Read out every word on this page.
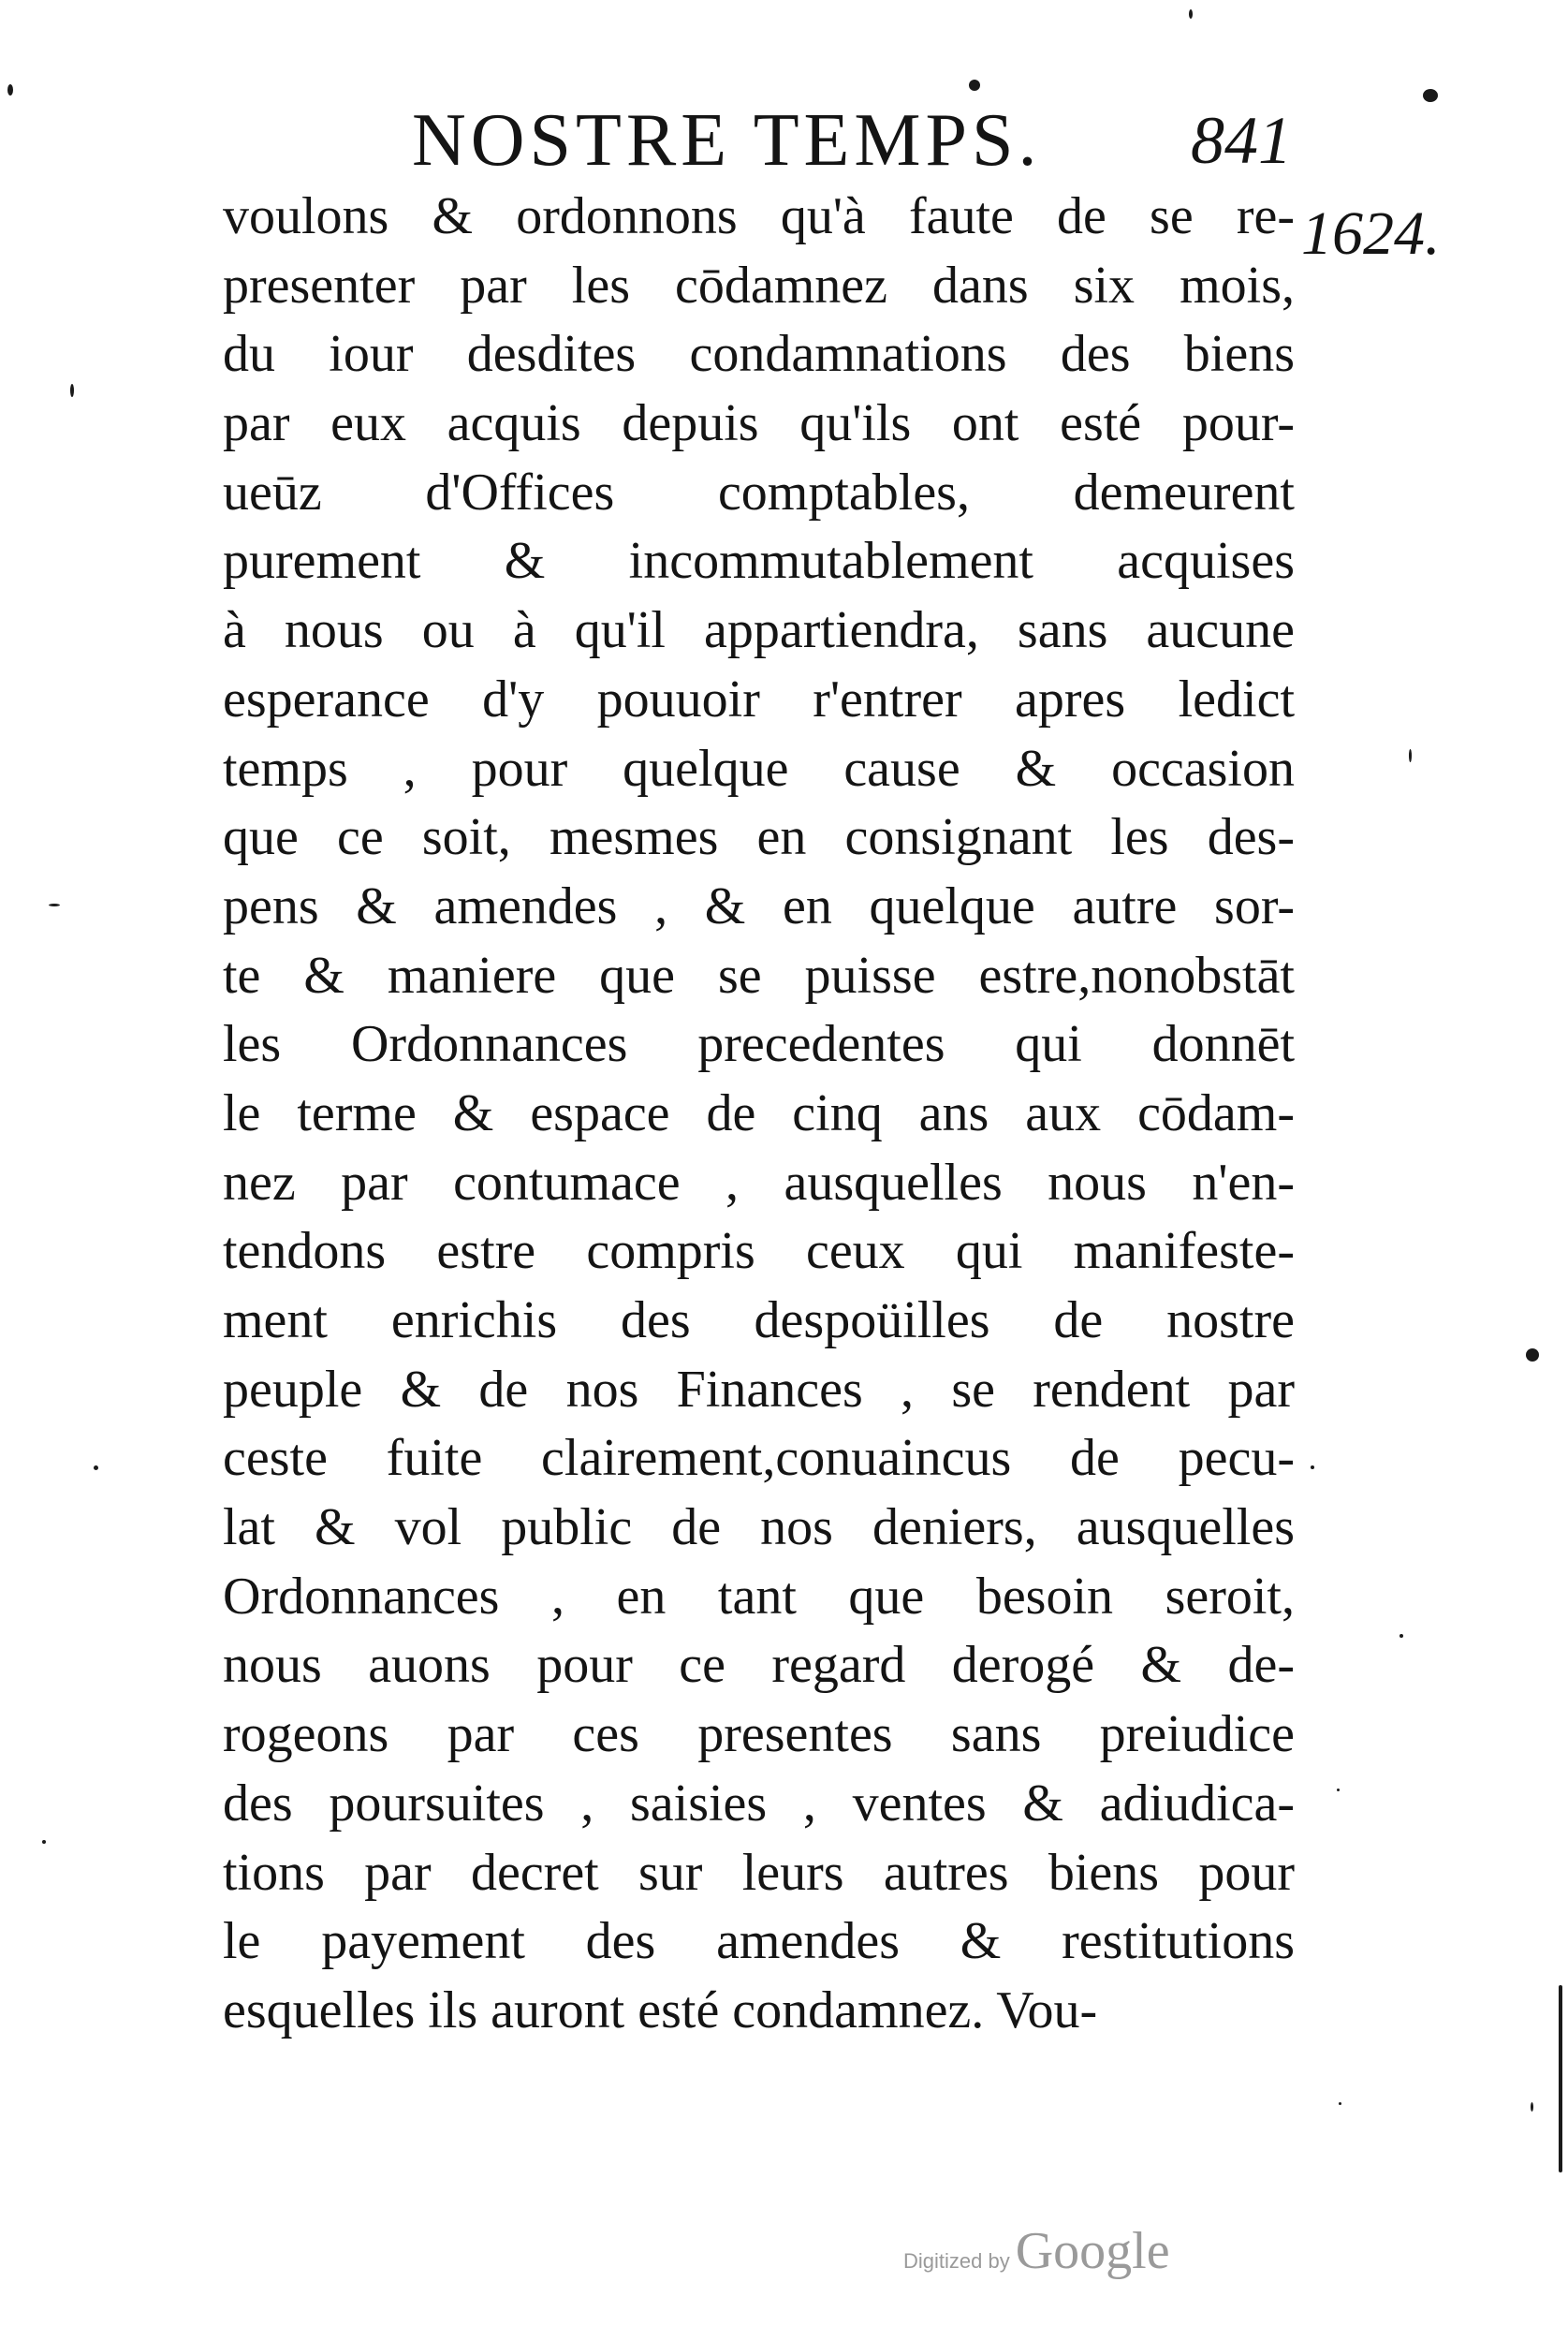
NOSTRE TEMPS. 841
1624.
voulons & ordonnons qu'à faute de se re-
presenter par les cōdamnez dans six mois,
du iour desdites condamnations des biens
par eux acquis depuis qu'ils ont esté pour-
ueūz d'Offices comptables, demeurent
purement & incommutablement acquises
à nous ou à qu'il appartiendra, sans aucune
esperance d'y pouuoir r'entrer apres ledict
temps , pour quelque cause & occasion
que ce soit, mesmes en consignant les des-
pens & amendes , & en quelque autre sor-
te & maniere que se puisse estre,nonobstāt
les Ordonnances precedentes qui donnēt
le terme & espace de cinq ans aux cōdam-
nez par contumace , ausquelles nous n'en-
tendons estre compris ceux qui manifeste-
ment enrichis des despoüilles de nostre
peuple & de nos Finances , se rendent par
ceste fuite clairement,conuaincus de pecu-
lat & vol public de nos deniers, ausquelles
Ordonnances , en tant que besoin seroit,
nous auons pour ce regard derogé & de-
rogeons par ces presentes sans preiudice
des poursuites , saisies , ventes & adiudica-
tions par decret sur leurs autres biens pour
le payement des amendes & restitutions
esquelles ils auront esté condamnez. Vou-
Digitized by Google
